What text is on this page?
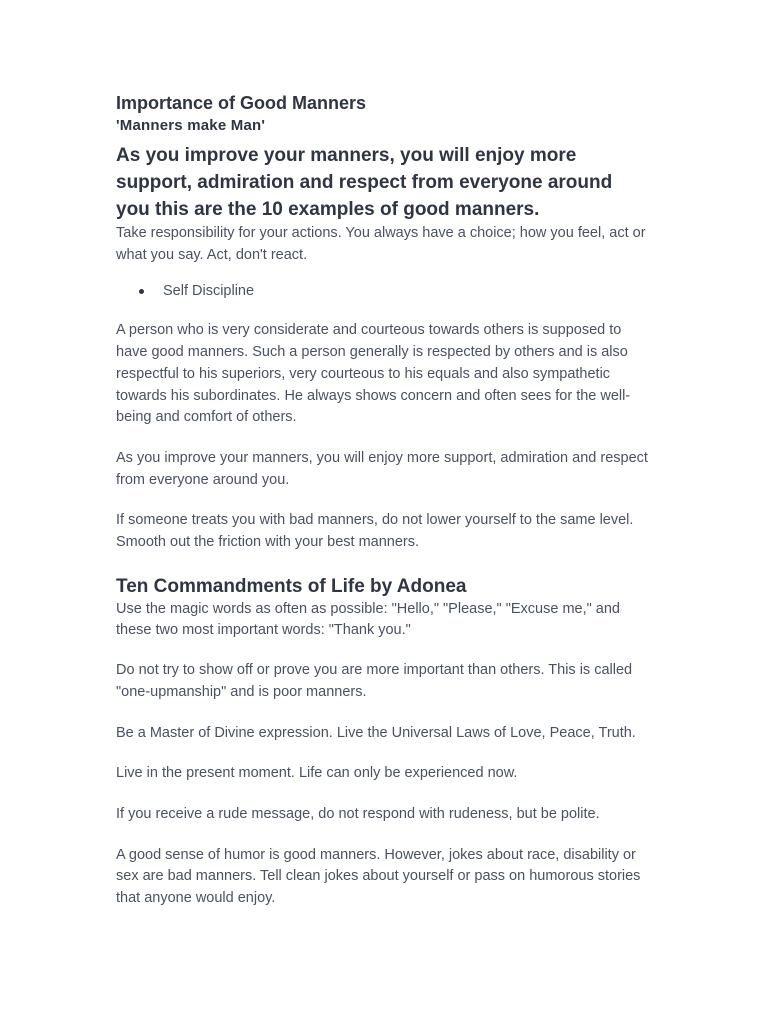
Importance of Good Manners
'Manners make Man'

As you improve your manners, you will enjoy more support, admiration and respect from everyone around you this are the 10 examples of good manners.

Take responsibility for your actions. You always have a choice; how you feel, act or what you say. Act, don't react.

Self Discipline

A person who is very considerate and courteous towards others is supposed to have good manners. Such a person generally is respected by others and is also respectful to his superiors, very courteous to his equals and also sympathetic towards his subordinates. He always shows concern and often sees for the well-being and comfort of others.

As you improve your manners, you will enjoy more support, admiration and respect from everyone around you.

If someone treats you with bad manners, do not lower yourself to the same level. Smooth out the friction with your best manners.

Ten Commandments of Life by Adonea

Use the magic words as often as possible: "Hello," "Please," "Excuse me," and these two most important words: "Thank you."

Do not try to show off or prove you are more important than others. This is called "one-upmanship" and is poor manners.

Be a Master of Divine expression. Live the Universal Laws of Love, Peace, Truth.

Live in the present moment. Life can only be experienced now.

If you receive a rude message, do not respond with rudeness, but be polite.

A good sense of humor is good manners. However, jokes about race, disability or sex are bad manners. Tell clean jokes about yourself or pass on humorous stories that anyone would enjoy.
